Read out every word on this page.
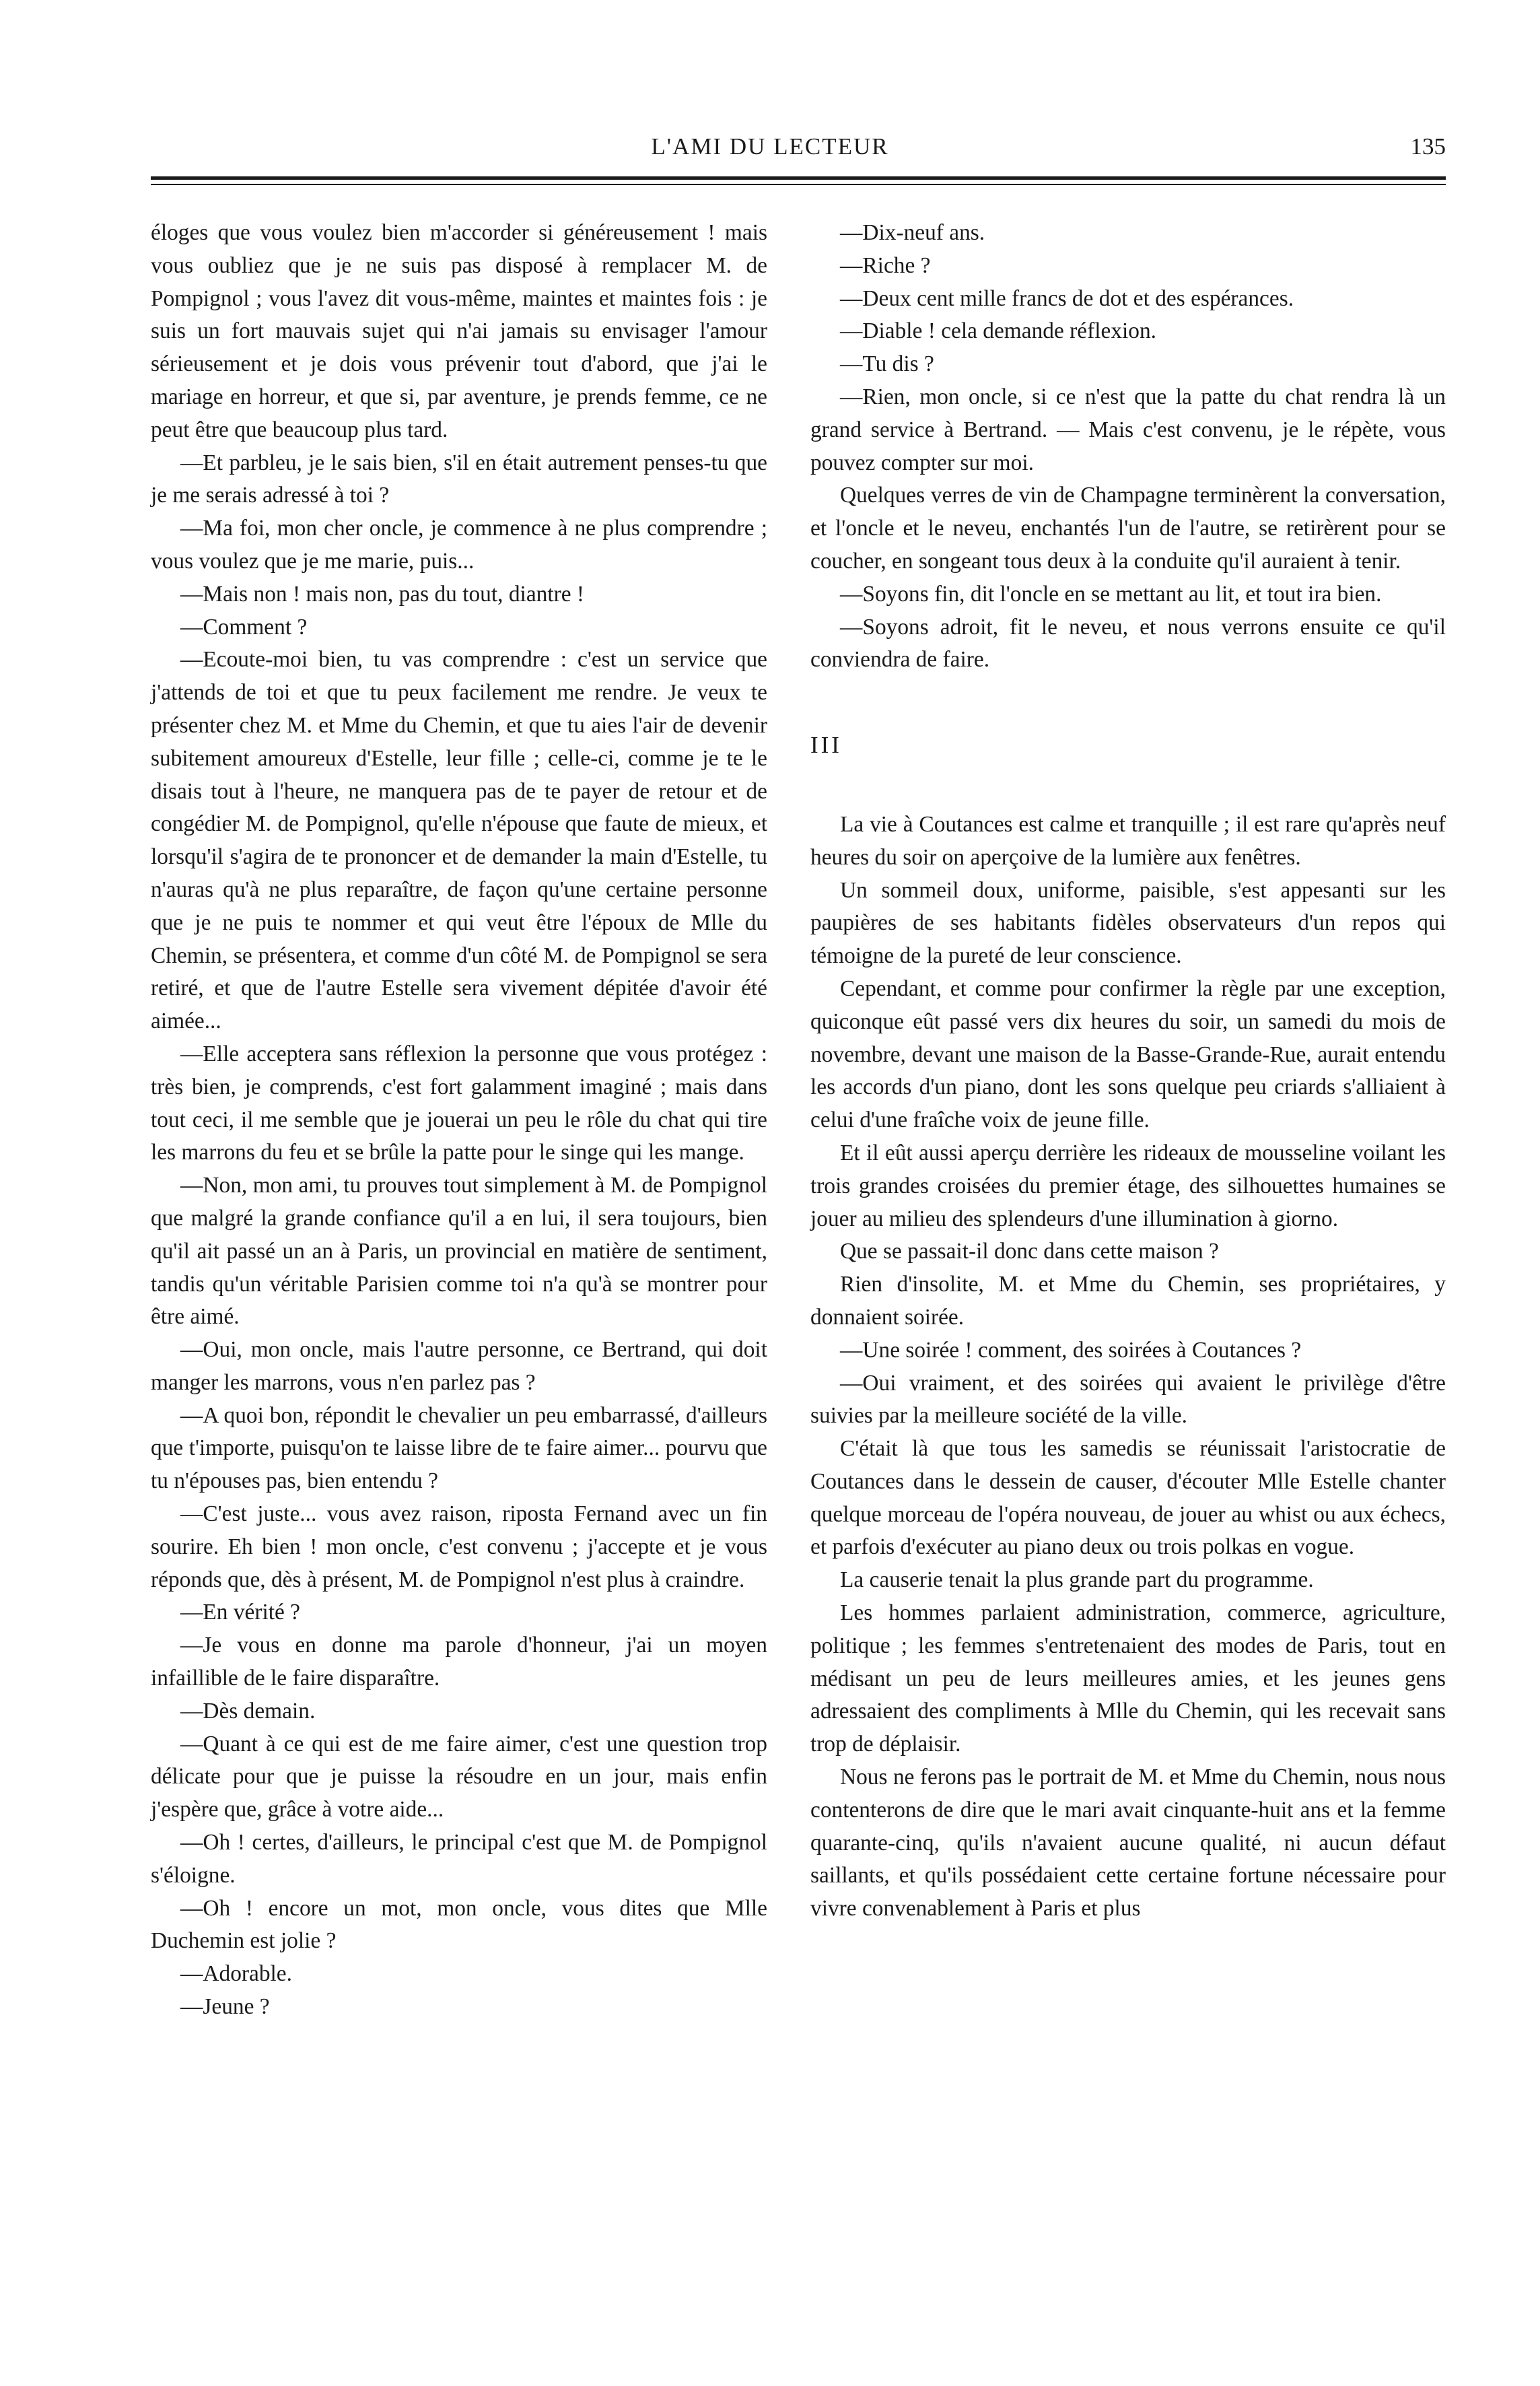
L'AMI DU LECTEUR	135

éloges que vous voulez bien m'accorder si généreusement ! mais vous oubliez que je ne suis pas disposé à remplacer M. de Pompignol ; vous l'avez dit vous-même, maintes et maintes fois : je suis un fort mauvais sujet qui n'ai jamais su envisager l'amour sérieusement et je dois vous prévenir tout d'abord, que j'ai le mariage en horreur, et que si, par aventure, je prends femme, ce ne peut être que beaucoup plus tard.

—Et parbleu, je le sais bien, s'il en était autrement penses-tu que je me serais adressé à toi ?

—Ma foi, mon cher oncle, je commence à ne plus comprendre ; vous voulez que je me marie, puis...

—Mais non ! mais non, pas du tout, diantre !

—Comment ?

—Ecoute-moi bien, tu vas comprendre : c'est un service que j'attends de toi et que tu peux facilement me rendre. Je veux te présenter chez M. et Mme du Chemin, et que tu aies l'air de devenir subitement amoureux d'Estelle, leur fille ; celle-ci, comme je te le disais tout à l'heure, ne manquera pas de te payer de retour et de congédier M. de Pompignol, qu'elle n'épouse que faute de mieux, et lorsqu'il s'agira de te prononcer et de demander la main d'Estelle, tu n'auras qu'à ne plus reparaître, de façon qu'une certaine personne que je ne puis te nommer et qui veut être l'époux de Mlle du Chemin, se présentera, et comme d'un côté M. de Pompignol se sera retiré, et que de l'autre Estelle sera vivement dépitée d'avoir été aimée...

—Elle acceptera sans réflexion la personne que vous protégez : très bien, je comprends, c'est fort galamment imaginé ; mais dans tout ceci, il me semble que je jouerai un peu le rôle du chat qui tire les marrons du feu et se brûle la patte pour le singe qui les mange.

—Non, mon ami, tu prouves tout simplement à M. de Pompignol que malgré la grande confiance qu'il a en lui, il sera toujours, bien qu'il ait passé un an à Paris, un provincial en matière de sentiment, tandis qu'un véritable Parisien comme toi n'a qu'à se montrer pour être aimé.

—Oui, mon oncle, mais l'autre personne, ce Bertrand, qui doit manger les marrons, vous n'en parlez pas ?

—A quoi bon, répondit le chevalier un peu embarrassé, d'ailleurs que t'importe, puisqu'on te laisse libre de te faire aimer... pourvu que tu n'épouses pas, bien entendu ?

—C'est juste... vous avez raison, riposta Fernand avec un fin sourire. Eh bien ! mon oncle, c'est convenu ; j'accepte et je vous réponds que, dès à présent, M. de Pompignol n'est plus à craindre.

—En vérité ?

—Je vous en donne ma parole d'honneur, j'ai un moyen infaillible de le faire disparaître.

—Dès demain.

—Quant à ce qui est de me faire aimer, c'est une question trop délicate pour que je puisse la résoudre en un jour, mais enfin j'espère que, grâce à votre aide...

—Oh ! certes, d'ailleurs, le principal c'est que M. de Pompignol s'éloigne.

—Oh ! encore un mot, mon oncle, vous dites que Mlle Duchemin est jolie ?

—Adorable.

—Jeune ?

—Dix-neuf ans.

—Riche ?

—Deux cent mille francs de dot et des espérances.

—Diable ! cela demande réflexion.

—Tu dis ?

—Rien, mon oncle, si ce n'est que la patte du chat rendra là un grand service à Bertrand. — Mais c'est convenu, je le répète, vous pouvez compter sur moi.

Quelques verres de vin de Champagne terminèrent la conversation, et l'oncle et le neveu, enchantés l'un de l'autre, se retirèrent pour se coucher, en songeant tous deux à la conduite qu'il auraient à tenir.

—Soyons fin, dit l'oncle en se mettant au lit, et tout ira bien.

—Soyons adroit, fit le neveu, et nous verrons ensuite ce qu'il conviendra de faire.

III

La vie à Coutances est calme et tranquille ; il est rare qu'après neuf heures du soir on aperçoive de la lumière aux fenêtres.

Un sommeil doux, uniforme, paisible, s'est appesanti sur les paupières de ses habitants fidèles observateurs d'un repos qui témoigne de la pureté de leur conscience.

Cependant, et comme pour confirmer la règle par une exception, quiconque eût passé vers dix heures du soir, un samedi du mois de novembre, devant une maison de la Basse-Grande-Rue, aurait entendu les accords d'un piano, dont les sons quelque peu criards s'alliaient à celui d'une fraîche voix de jeune fille.

Et il eût aussi aperçu derrière les rideaux de mousseline voilant les trois grandes croisées du premier étage, des silhouettes humaines se jouer au milieu des splendeurs d'une illumination à giorno.

Que se passait-il donc dans cette maison ?

Rien d'insolite, M. et Mme du Chemin, ses propriétaires, y donnaient soirée.

—Une soirée ! comment, des soirées à Coutances ?

—Oui vraiment, et des soirées qui avaient le privilège d'être suivies par la meilleure société de la ville.

C'était là que tous les samedis se réunissait l'aristocratie de Coutances dans le dessein de causer, d'écouter Mlle Estelle chanter quelque morceau de l'opéra nouveau, de jouer au whist ou aux échecs, et parfois d'exécuter au piano deux ou trois polkas en vogue.

La causerie tenait la plus grande part du programme.

Les hommes parlaient administration, commerce, agriculture, politique ; les femmes s'entretenaient des modes de Paris, tout en médisant un peu de leurs meilleures amies, et les jeunes gens adressaient des compliments à Mlle du Chemin, qui les recevait sans trop de déplaisir.

Nous ne ferons pas le portrait de M. et Mme du Chemin, nous nous contenterons de dire que le mari avait cinquante-huit ans et la femme quarante-cinq, qu'ils n'avaient aucune qualité, ni aucun défaut saillants, et qu'ils possédaient cette certaine fortune nécessaire pour vivre convenablement à Paris et plus
